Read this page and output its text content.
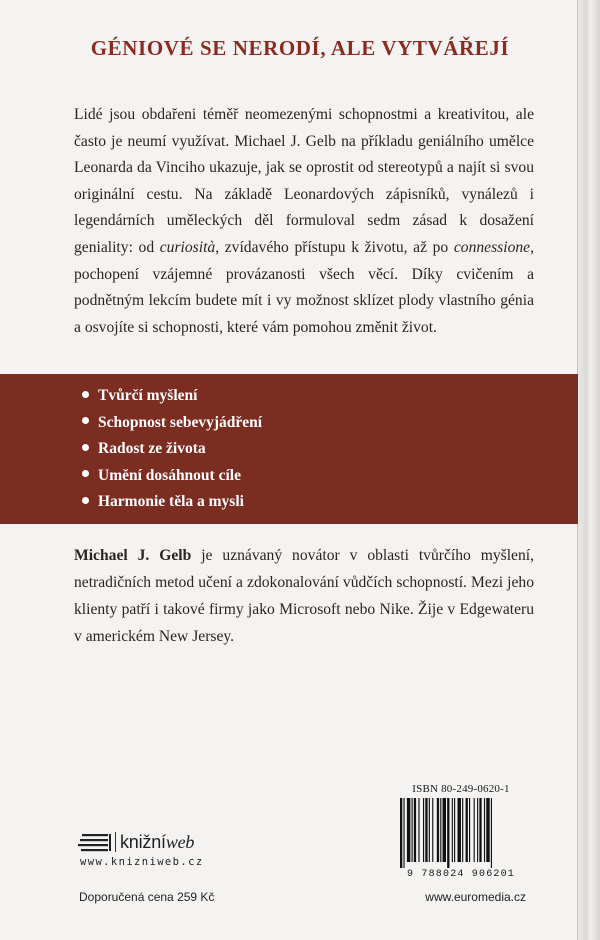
GÉNIOVÉ SE NERODÍ, ALE VYTVÁŘEJÍ

Lidé jsou obdařeni téměř neomezenými schopnostmi a kreativitou, ale často je neumí využívat. Michael J. Gelb na příkladu geniálního umělce Leonarda da Vinciho ukazuje, jak se oprostit od stereotypů a najít si svou originální cestu. Na základě Leonardových zápisníků, vynálezů i legendárních uměleckých děl formuloval sedm zásad k dosažení geniality: od curiosità, zvídavého přístupu k životu, až po connessione, pochopení vzájemné provázanosti všech věcí. Díky cvičením a podnětným lekcím budete mít i vy možnost sklízet plody vlastního génia a osvojíte si schopnosti, které vám pomohou změnit život.

Tvůrčí myšlení
Schopnost sebevyjádření
Radost ze života
Umění dosáhnout cíle
Harmonie těla a mysli

Michael J. Gelb je uznávaný novátor v oblasti tvůrčího myšlení, netradičních metod učení a zdokonalování vůdčích schopností. Mezi jeho klienty patří i takové firmy jako Microsoft nebo Nike. Žije v Edgewateru v americkém New Jersey.

ISBN 80-249-0620-1
9 788024 906201
knižníweb
www.knizniweb.cz
Doporučená cena 259 Kč	www.euromedia.cz
